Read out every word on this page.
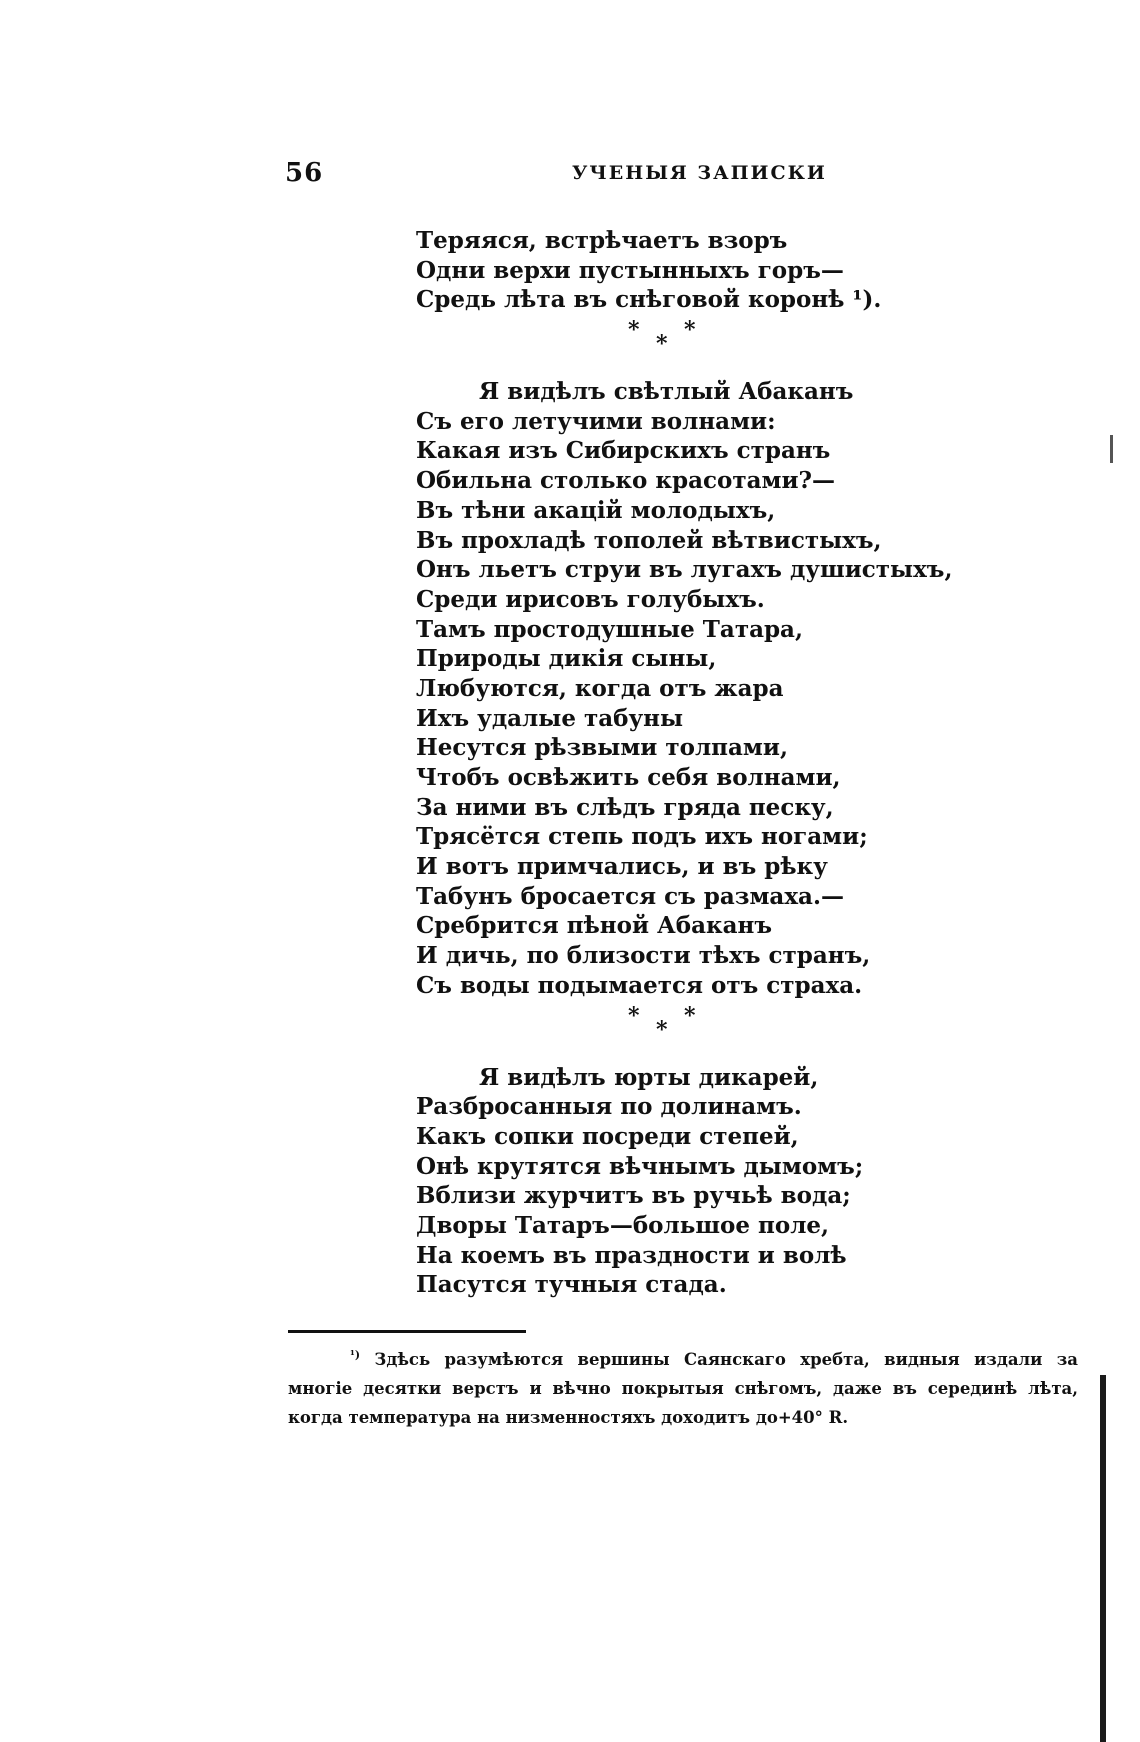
56	УЧЕНЫЯ ЗАПИСКИ
Теряяся, встрѣчаетъ взоръ
Одни верхи пустынныхъ горъ—
Средь лѣта въ снѣговой коронѣ ¹).
*
*
*
Я видѣлъ свѣтлый Абаканъ
Съ его летучими волнами:
Какая изъ Сибирскихъ странъ
Обильна столько красотами?—
Въ тѣни акацій молодыхъ,
Въ прохладѣ тополей вѣтвистыхъ,
Онъ льетъ струи въ лугахъ душистыхъ,
Среди ирисовъ голубыхъ.
Тамъ простодушные Татара,
Природы дикія сыны,
Любуются, когда отъ жара
Ихъ удалые табуны
Несутся рѣзвыми толпами,
Чтобъ освѣжить себя волнами,
За ними въ слѣдъ гряда песку,
Трясётся степь подъ ихъ ногами;
И вотъ примчались, и въ рѣку
Табунъ бросается съ размаха.—
Сребрится пѣной Абаканъ
И дичь, по близости тѣхъ странъ,
Съ воды подымается отъ страха.
*
*
*
Я видѣлъ юрты дикарей,
Разбросанныя по долинамъ.
Какъ сопки посреди степей,
Онѣ крутятся вѣчнымъ дымомъ;
Вблизи журчитъ въ ручьѣ вода;
Дворы Татаръ—большое поле,
На коемъ въ праздности и волѣ
Пасутся тучныя стада.
$^{^1)}$ Здѣсь разумѣются вершины Саянскаго хребта, видныя издали за многіе десятки верстъ и вѣчно покрытыя снѣгомъ, даже въ серединѣ лѣта, когда температура на низменностяхъ доходитъ до+40° R.
